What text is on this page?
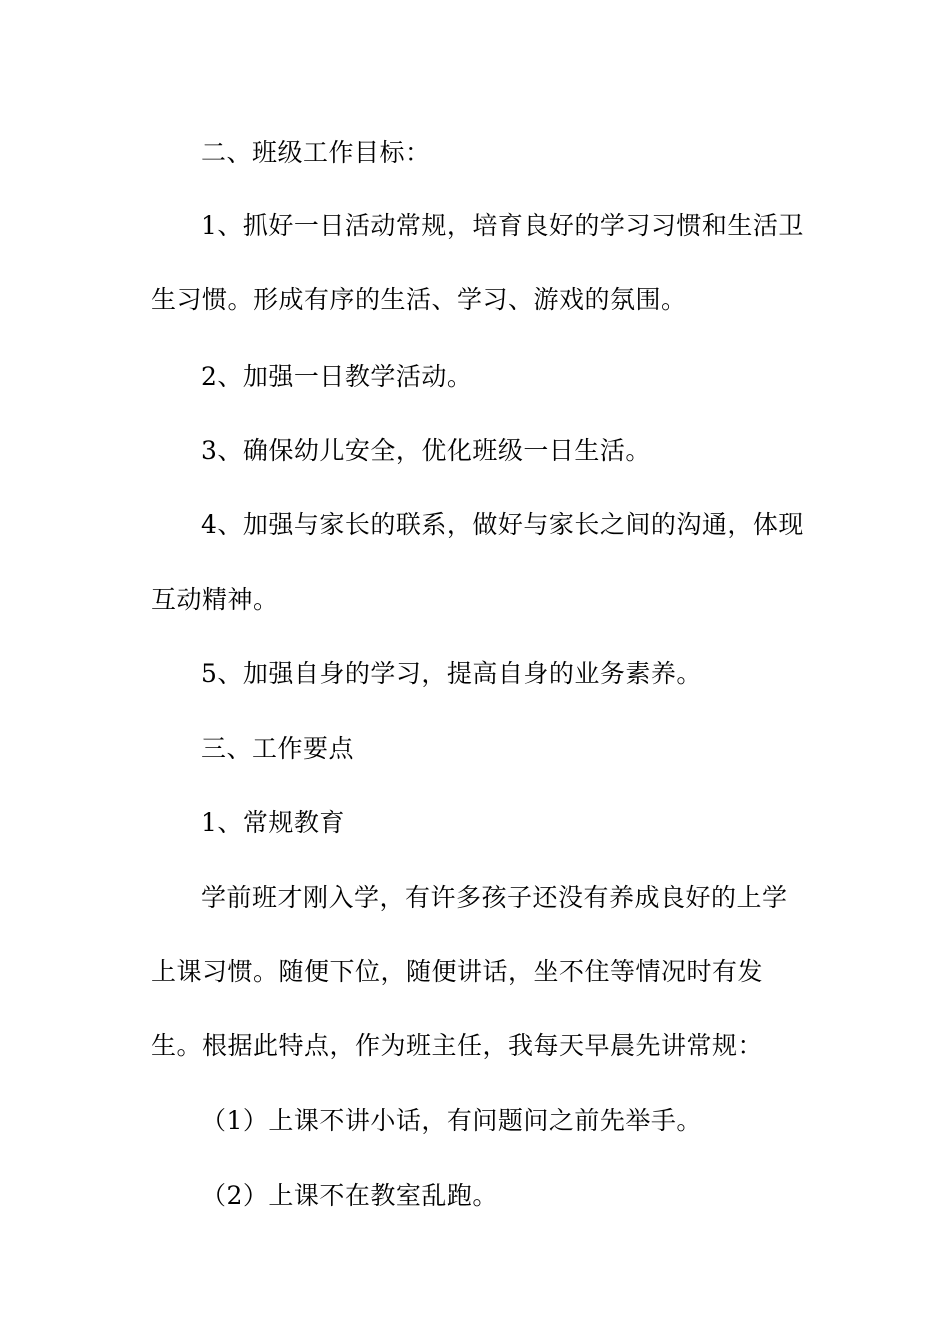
二、班级工作目标：
1、抓好一日活动常规，培育良好的学习习惯和生活卫
生习惯。形成有序的生活、学习、游戏的氛围。
2、加强一日教学活动。
3、确保幼儿安全，优化班级一日生活。
4、加强与家长的联系，做好与家长之间的沟通，体现
互动精神。
5、加强自身的学习，提高自身的业务素养。
三、工作要点
1、常规教育
学前班才刚入学，有许多孩子还没有养成良好的上学
上课习惯。随便下位，随便讲话，坐不住等情况时有发
生。根据此特点，作为班主任，我每天早晨先讲常规：
（1）上课不讲小话，有问题问之前先举手。
（2）上课不在教室乱跑。
